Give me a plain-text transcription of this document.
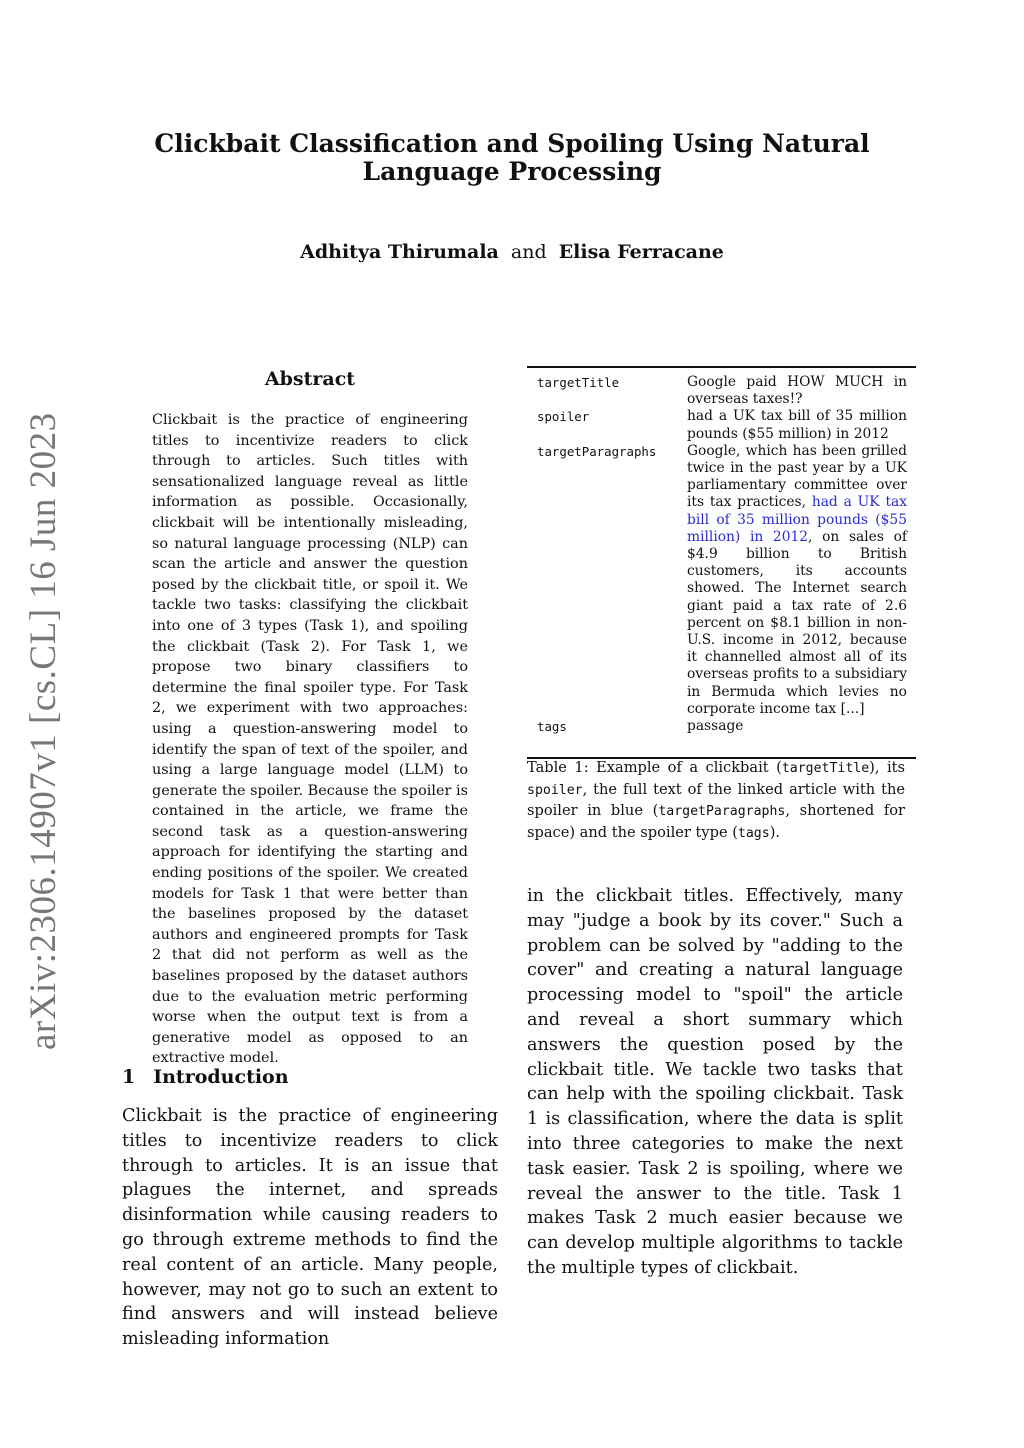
arXiv:2306.14907v1 [cs.CL] 16 Jun 2023
Clickbait Classification and Spoiling Using Natural Language Processing
Adhitya Thirumala and Elisa Ferracane
Abstract
Clickbait is the practice of engineering titles to incentivize readers to click through to articles. Such titles with sensationalized language reveal as little information as possible. Occasionally, clickbait will be intentionally misleading, so natural language processing (NLP) can scan the article and answer the question posed by the clickbait title, or spoil it. We tackle two tasks: classifying the clickbait into one of 3 types (Task 1), and spoiling the clickbait (Task 2). For Task 1, we propose two binary classifiers to determine the final spoiler type. For Task 2, we experiment with two approaches: using a question-answering model to identify the span of text of the spoiler, and using a large language model (LLM) to generate the spoiler. Because the spoiler is contained in the article, we frame the second task as a question-answering approach for identifying the starting and ending positions of the spoiler. We created models for Task 1 that were better than the baselines proposed by the dataset authors and engineered prompts for Task 2 that did not perform as well as the baselines proposed by the dataset authors due to the evaluation metric performing worse when the output text is from a generative model as opposed to an extractive model.
1 Introduction
Clickbait is the practice of engineering titles to incentivize readers to click through to articles. It is an issue that plagues the internet, and spreads disinformation while causing readers to go through extreme methods to find the real content of an article. Many people, however, may not go to such an extent to find answers and will instead believe misleading information
targetTitle	Google paid HOW MUCH in overseas taxes!?
spoiler	had a UK tax bill of 35 million pounds ($55 million) in 2012
targetParagraphs	Google, which has been grilled twice in the past year by a UK parliamentary committee over its tax practices, had a UK tax bill of 35 million pounds ($55 million) in 2012, on sales of $4.9 billion to British customers, its accounts showed. The Internet search giant paid a tax rate of 2.6 percent on $8.1 billion in non-U.S. income in 2012, because it channelled almost all of its overseas profits to a subsidiary in Bermuda which levies no corporate income tax [...]
tags	passage
Table 1: Example of a clickbait (targetTitle), its spoiler, the full text of the linked article with the spoiler in blue (targetParagraphs, shortened for space) and the spoiler type (tags).
in the clickbait titles. Effectively, many may "judge a book by its cover." Such a problem can be solved by "adding to the cover" and creating a natural language processing model to "spoil" the article and reveal a short summary which answers the question posed by the clickbait title. We tackle two tasks that can help with the spoiling clickbait. Task 1 is classification, where the data is split into three categories to make the next task easier. Task 2 is spoiling, where we reveal the answer to the title. Task 1 makes Task 2 much easier because we can develop multiple algorithms to tackle the multiple types of clickbait.
